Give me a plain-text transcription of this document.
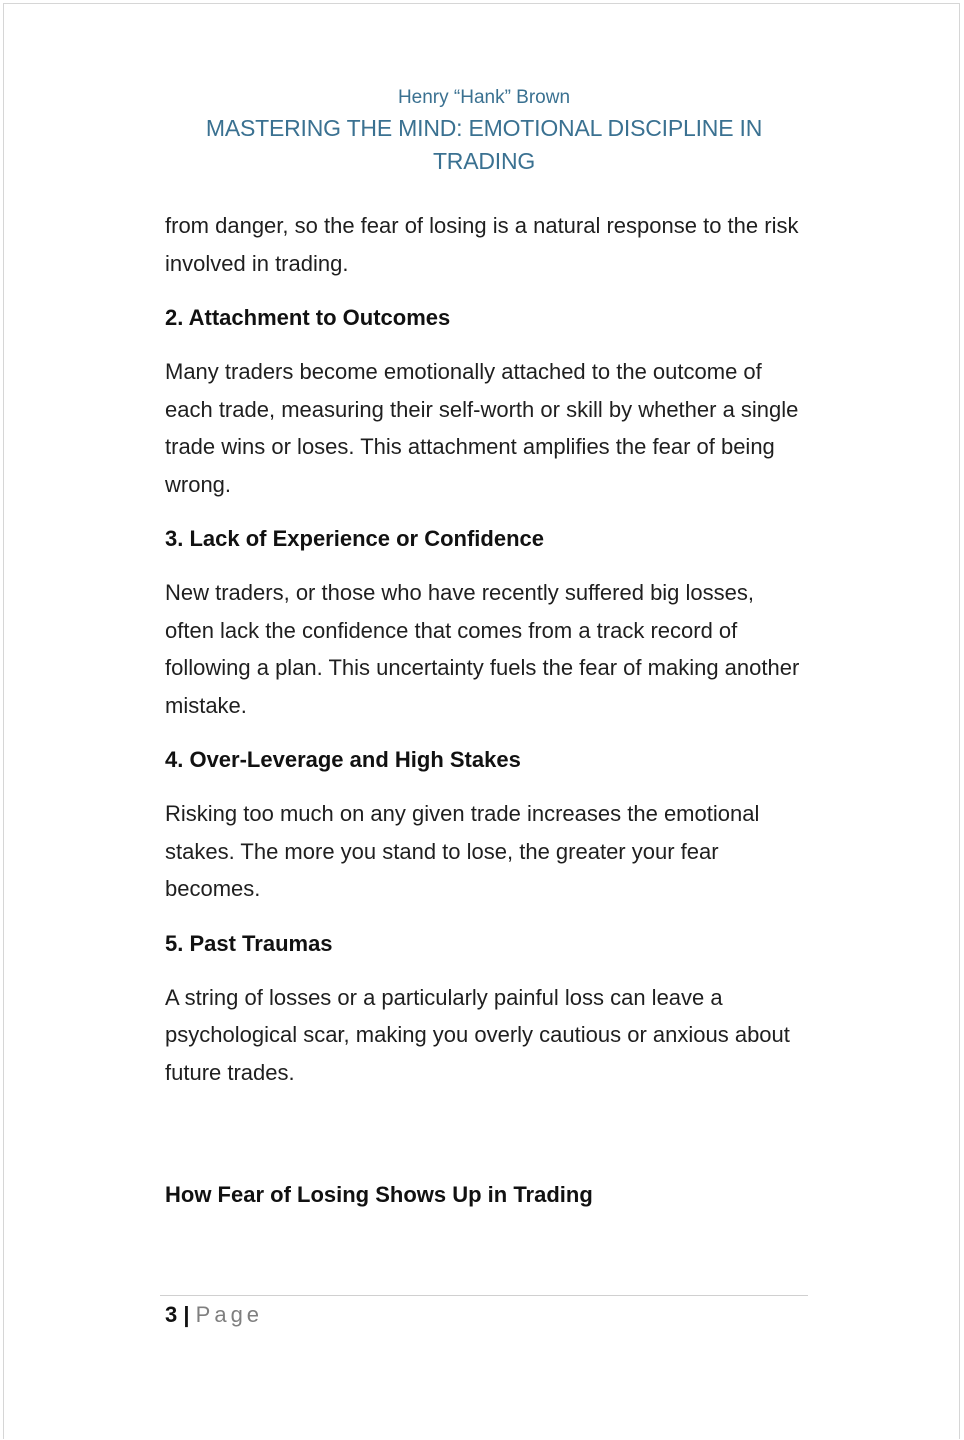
Henry “Hank” Brown
MASTERING THE MIND: EMOTIONAL DISCIPLINE IN TRADING

from danger, so the fear of losing is a natural response to the risk involved in trading.

2. Attachment to Outcomes

Many traders become emotionally attached to the outcome of each trade, measuring their self-worth or skill by whether a single trade wins or loses. This attachment amplifies the fear of being wrong.

3. Lack of Experience or Confidence

New traders, or those who have recently suffered big losses, often lack the confidence that comes from a track record of following a plan. This uncertainty fuels the fear of making another mistake.

4. Over-Leverage and High Stakes

Risking too much on any given trade increases the emotional stakes. The more you stand to lose, the greater your fear becomes.

5. Past Traumas

A string of losses or a particularly painful loss can leave a psychological scar, making you overly cautious or anxious about future trades.

How Fear of Losing Shows Up in Trading
3 | Page
